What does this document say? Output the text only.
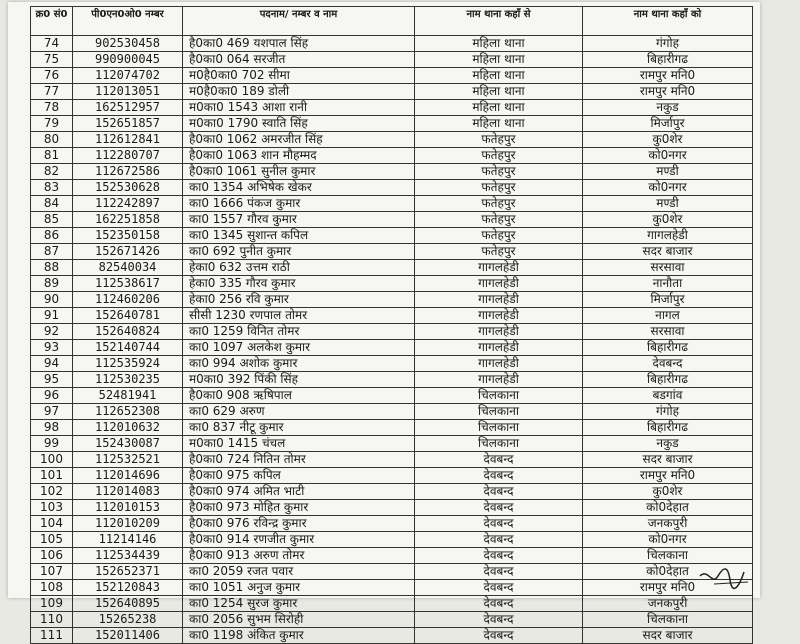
क्र0 सं0	पी0एन0ओ0 नम्बर	पदनाम/ नम्बर व नाम	नाम थाना कहाँ से	नाम थाना कहाँ को
74	902530458	है0का0 469 यशपाल सिंह	महिला थाना	गंगोह
75	990900045	है0का0 064 सरजीत	महिला थाना	बिहारीगढ
76	112074702	म0है0का0 702 सीमा	महिला थाना	रामपुर मनि0
77	112013051	म0है0का0 189 डोली	महिला थाना	रामपुर मनि0
78	162512957	म0का0 1543 आशा रानी	महिला थाना	नकुड
79	152651857	म0का0 1790 स्वाति सिंह	महिला थाना	मिर्जापुर
80	112612841	है0का0 1062 अमरजीत सिंह	फतेहपुर	कु0शेर
81	112280707	है0का0 1063 शान मौहम्मद	फतेहपुर	को0नगर
82	112672586	है0का0 1061 सुनील कुमार	फतेहपुर	मण्डी
83	152530628	का0 1354 अभिषेक खेकर	फतेहपुर	को0नगर
84	112242897	का0 1666 पंकज कुमार	फतेहपुर	मण्डी
85	162251858	का0 1557 गौरव कुमार	फतेहपुर	कु0शेर
86	152350158	का0 1345 सुशान्त कपिल	फतेहपुर	गागलहेडी
87	152671426	का0 692 पुनीत कुमार	फतेहपुर	सदर बाजार
88	82540034	हेका0 632 उत्तम राठी	गागलहेडी	सरसावा
89	112538617	हेका0 335 गौरव कुमार	गागलहेडी	नानौता
90	112460206	हेका0 256 रवि कुमार	गागलहेडी	मिर्जापुर
91	152640781	सीसी 1230 रणपाल तोमर	गागलहेडी	नागल
92	152640824	का0 1259 विनित तोमर	गागलहेडी	सरसावा
93	152140744	का0 1097 अलकेश कुमार	गागलहेडी	बिहारीगढ
94	112535924	का0 994 अशोक कुमार	गागलहेडी	देवबन्द
95	112530235	म0का0 392 पिंकी सिंह	गागलहेडी	बिहारीगढ
96	52481941	है0का0 908 ऋषिपाल	चिलकाना	बडगांव
97	112652308	का0 629 अरुण	चिलकाना	गंगोह
98	112010632	का0 837 नीटू कुमार	चिलकाना	बिहारीगढ
99	152430087	म0का0 1415 चंचल	चिलकाना	नकुड
100	112532521	है0का0 724 नितिन तोमर	देवबन्द	सदर बाजार
101	112014696	है0का0 975 कपिल	देवबन्द	रामपुर मनि0
102	112014083	है0का0 974 अमित भाटी	देवबन्द	कु0शेर
103	112010153	है0का0 973 मोहित कुमार	देवबन्द	को0देहात
104	112010209	है0का0 976 रविन्द्र कुमार	देवबन्द	जनकपुरी
105	11214146	है0का0 914 रणजीत कुमार	देवबन्द	को0नगर
106	112534439	है0का0 913 अरुण तोमर	देवबन्द	चिलकाना
107	152652371	का0 2059 रजत पवार	देवबन्द	को0देहात
108	152120843	का0 1051 अनुज कुमार	देवबन्द	रामपुर मनि0
109	152640895	का0 1254 सुरज कुमार	देवबन्द	जनकपुरी
110	15265238	का0 2056 सुभम सिरोही	देवबन्द	चिलकाना
111	152011406	का0 1198 अंकित कुमार	देवबन्द	सदर बाजार
